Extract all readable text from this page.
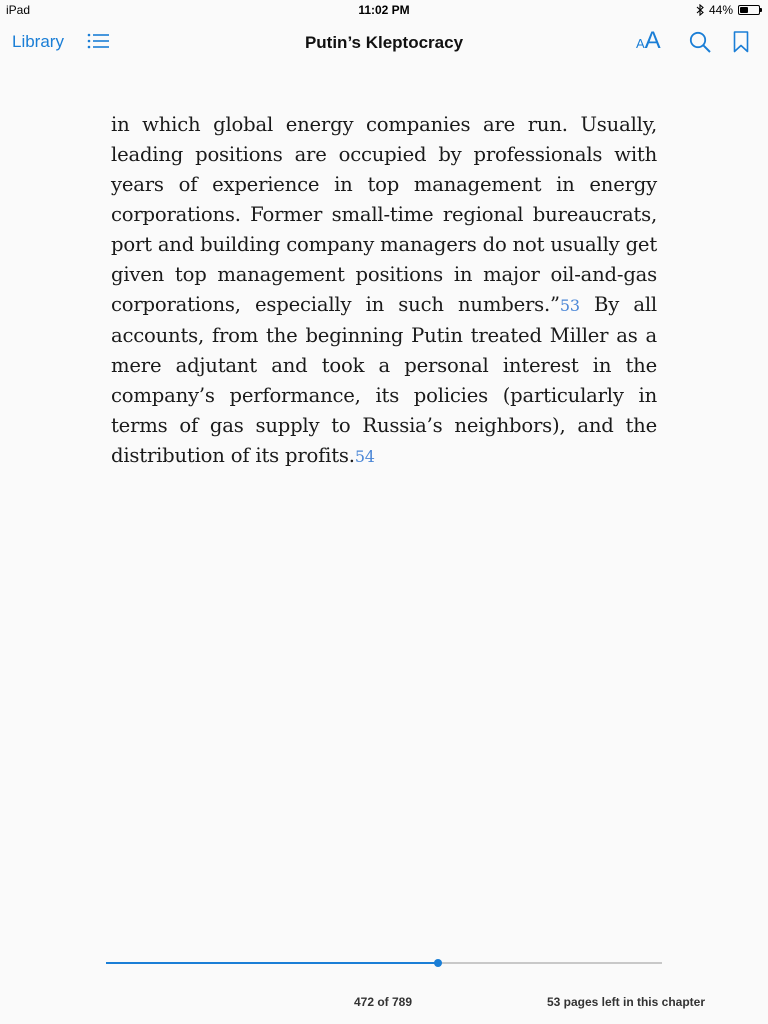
iPad	11:02 PM	44%
Library	Putin’s Kleptocracy	AA

in which global energy companies are run. Usually, leading positions are occupied by professionals with years of experience in top management in energy corporations. Former small-time regional bureaucrats, port and building company managers do not usually get given top management positions in major oil-and-gas corporations, especially in such numbers.”53 By all accounts, from the beginning Putin treated Miller as a mere adjutant and took a personal interest in the company’s performance, its policies (particularly in terms of gas supply to Russia’s neighbors), and the distribution of its profits.54

472 of 789	53 pages left in this chapter
